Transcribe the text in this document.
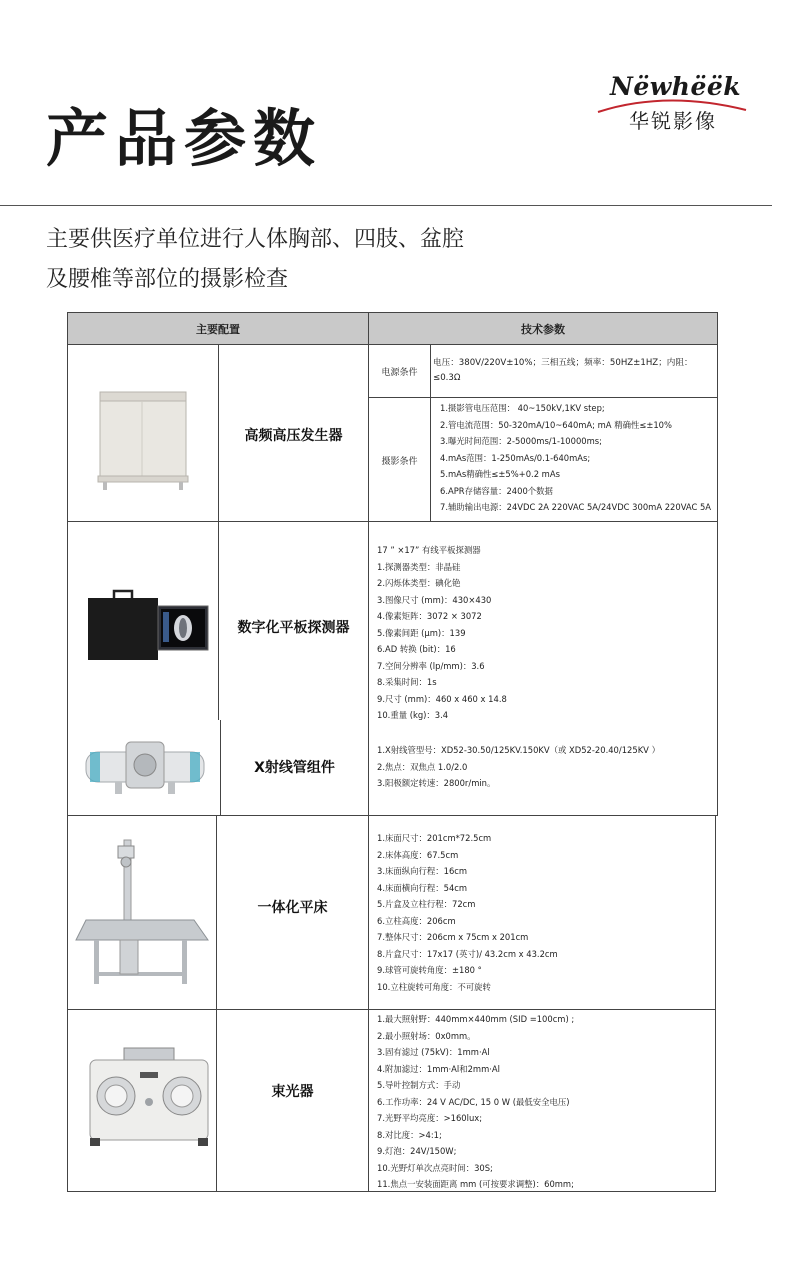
Nëwhëëk
华锐影像
产品参数

主要供医疗单位进行人体胸部、四肢、盆腔

及腰椎等部位的摄影检查

主要配置	技术参数
高频高压发生器
电源条件
电压：380V/220V±10%；三相五线；频率：50HZ±1HZ；内阻：≤0.3Ω
摄影条件
1.摄影管电压范围： 40~150kV,1KV step;
2.管电流范围：50-320mA/10~640mA; mA 精确性≤±10%
3.曝光时间范围：2-5000ms/1-10000ms;
4.mAs范围：1-250mAs/0.1-640mAs;
5.mAs精确性≤±5%+0.2 mAs
6.APR存储容量：2400个数据
7.辅助输出电源：24VDC 2A 220VAC 5A/24VDC 300mA 220VAC 5A
数字化平板探测器
17 ” ×17” 有线平板探测器
1.探测器类型：非晶硅
2.闪烁体类型：碘化铯
3.图像尺寸 (mm)：430×430
4.像素矩阵：3072 × 3072
5.像素间距 (μm)：139
6.AD 转换 (bit)：16
7.空间分辨率 (lp/mm)：3.6
8.采集时间：1s
9.尺寸 (mm)：460 x 460 x 14.8
10.重量 (kg)：3.4
X射线管组件
1.X射线管型号：XD52-30.50/125KV.150KV（或 XD52-20.40/125KV ）
2.焦点：双焦点 1.0/2.0
3.阳极额定转速：2800r/min。
一体化平床
1.床面尺寸：201cm*72.5cm
2.床体高度：67.5cm
3.床面纵向行程：16cm
4.床面横向行程：54cm
5.片盒及立柱行程：72cm
6.立柱高度：206cm
7.整体尺寸：206cm x 75cm x 201cm
8.片盒尺寸：17x17 (英寸)/ 43.2cm x 43.2cm
9.球管可旋转角度：±180 °
10.立柱旋转可角度：不可旋转
束光器
1.最大照射野：440mm×440mm (SID =100cm) ;
2.最小照射场：0x0mm。
3.固有滤过 (75kV)：1mm·Al
4.附加滤过：1mm·Al和2mm·Al
5.导叶控制方式：手动
6.工作功率：24 V AC/DC, 15 0 W (最低安全电压)
7.光野平均亮度：>160lux;
8.对比度：>4:1;
9.灯泡：24V/150W;
10.光野灯单次点亮时间：30S;
11.焦点一安装面距离 mm (可按要求调整)：60mm;
